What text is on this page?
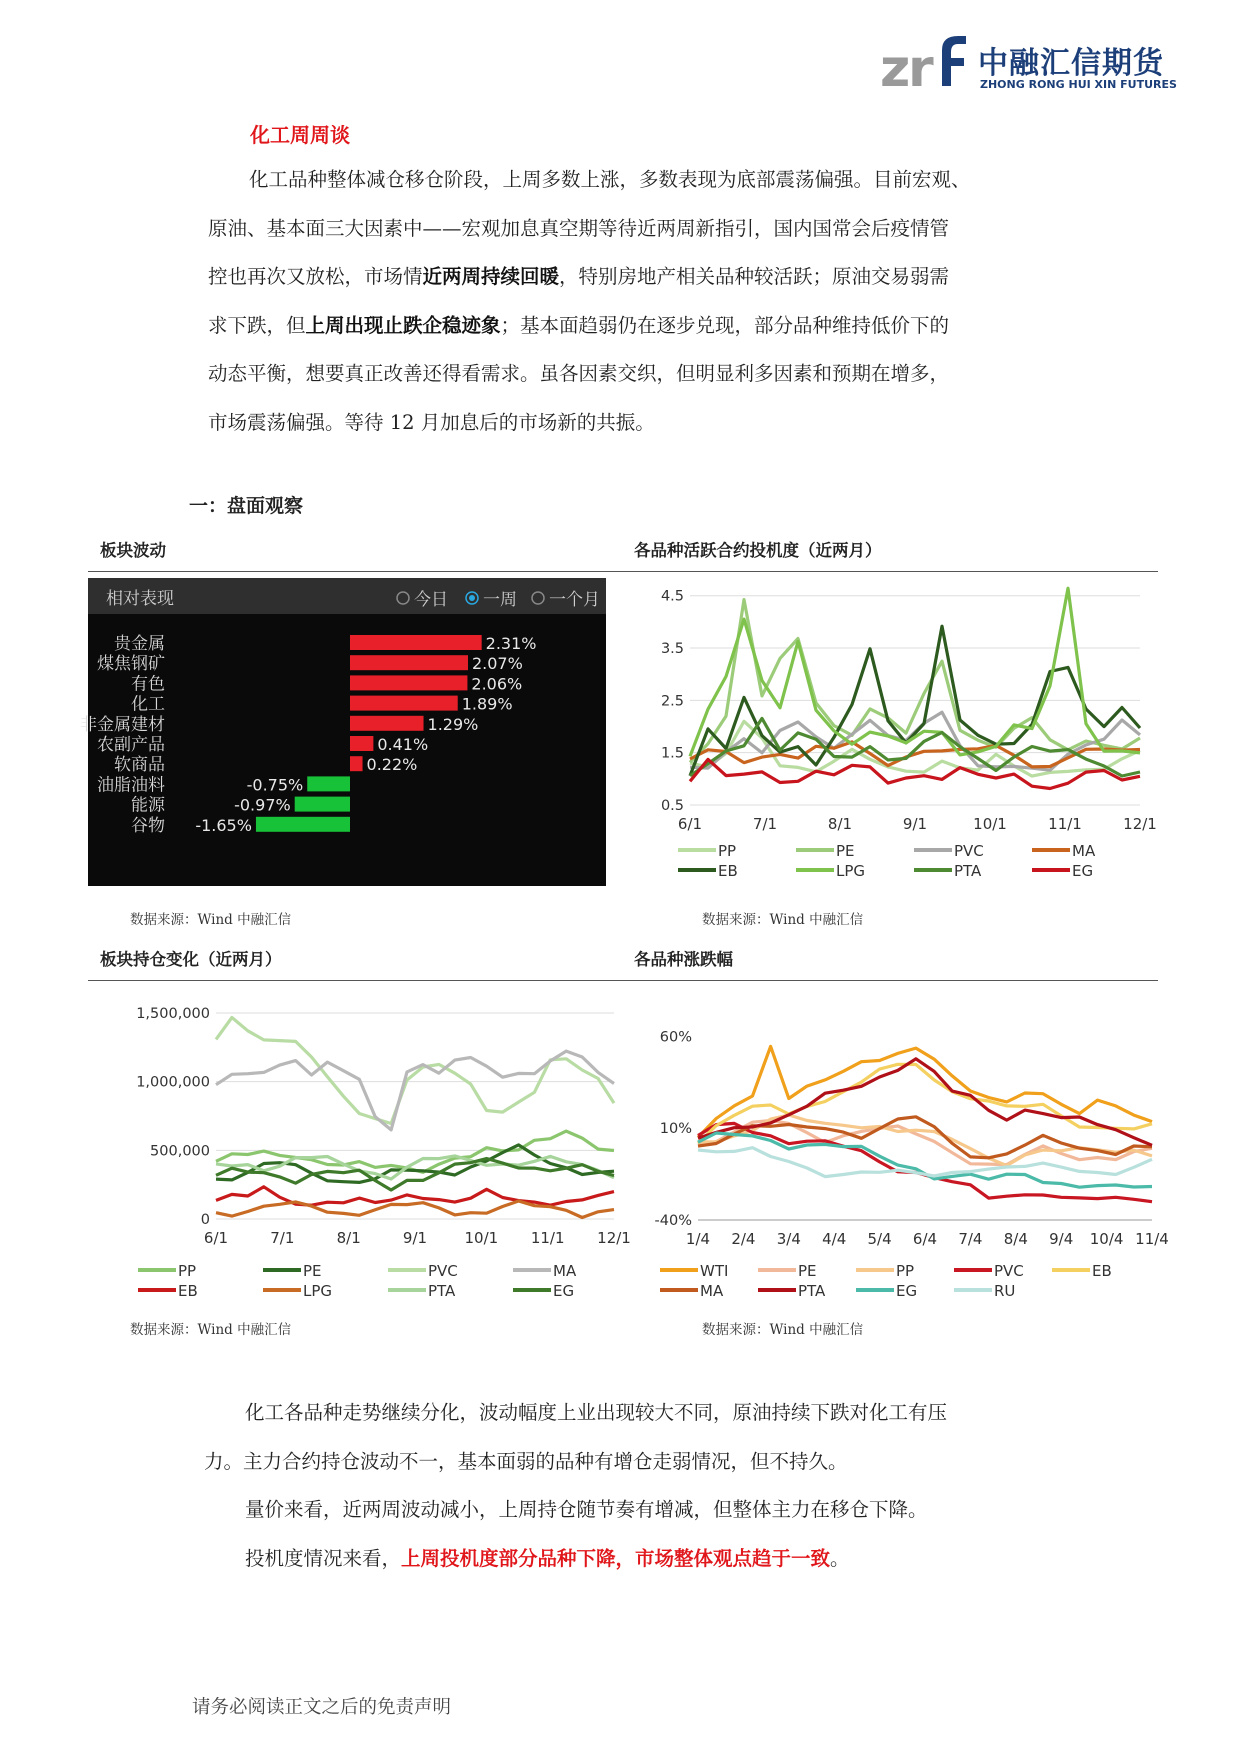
z
r 中融汇信期货
ZHONG RONG HUI XIN FUTURES
化工周周谈

化工品种整体减仓移仓阶段，上周多数上涨，多数表现为底部震荡偏强。目前宏观、

原油、基本面三大因素中——宏观加息真空期等待近两周新指引，国内国常会后疫情管

控也再次又放松，市场情近两周持续回暖，特别房地产相关品种较活跃；原油交易弱需

求下跌，但上周出现止跌企稳迹象；基本面趋弱仍在逐步兑现，部分品种维持低价下的

动态平衡，想要真正改善还得看需求。虽各因素交织，但明显利多因素和预期在增多，

市场震荡偏强。等待 12 月加息后的市场新的共振。

一：盘面观察
板块波动
相对表现	今日 一周 一个月
贵金属	2.31%
煤焦钢矿	2.07%
有色	2.06%
化工	1.89%
非金属建材	1.29%
农副产品	0.41%
软商品	0.22%
油脂油料	-0.75%
能源	-0.97%
谷物 -1.65%
数据来源：Wind 中融汇信
各品种活跃合约投机度（近两月）
0.5
1.5
2.5
3.5
4.5
6/1	7/1	8/1	9/1	10/1	11/1	12/1
PP	PE	PVC	MA
EB	LPG	PTA	EG
数据来源：Wind 中融汇信
板块持仓变化（近两月）
0
500,000
1,000,000
1,500,000
6/1	7/1	8/1	9/1 10/1 11/1 12/1
PP	PE	PVC	MA
EB	LPG	PTA	EG
数据来源：Wind 中融汇信
各品种涨跌幅
-40%
10%
60%
1/4 2/4 3/4 4/4 5/4 6/4 7/4 8/4 9/4 10/4 11/4
WTI	PE	PP	PVC	EB
MA	PTA	EG	RU
数据来源：Wind 中融汇信

化工各品种走势继续分化，波动幅度上业出现较大不同，原油持续下跌对化工有压

力。主力合约持仓波动不一，基本面弱的品种有增仓走弱情况，但不持久。

量价来看，近两周波动减小，上周持仓随节奏有增减，但整体主力在移仓下降。

投机度情况来看，上周投机度部分品种下降，市场整体观点趋于一致。

请务必阅读正文之后的免责声明
